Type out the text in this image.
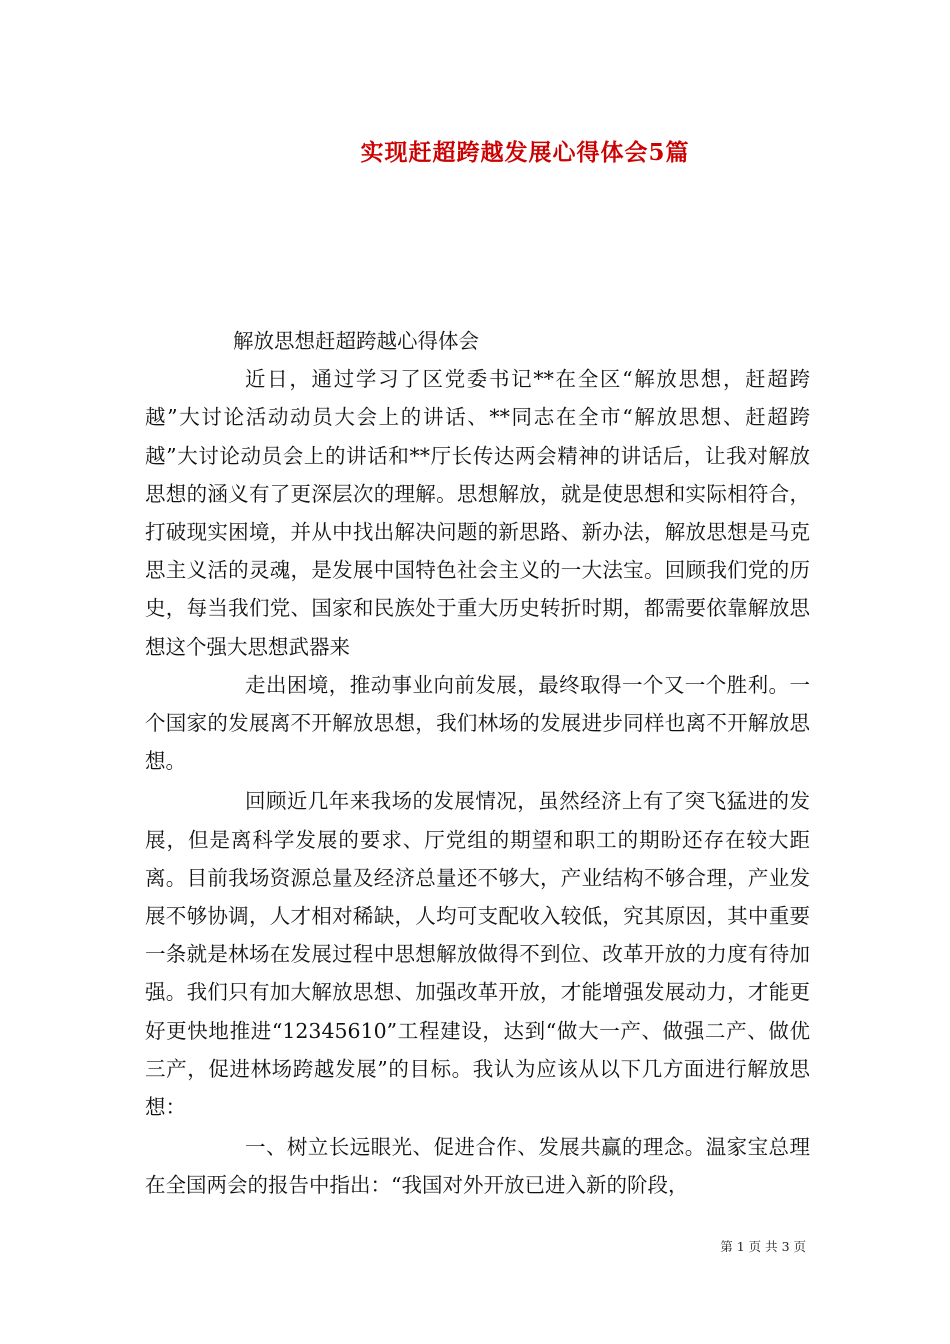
实现赶超跨越发展心得体会5篇

解放思想赶超跨越心得体会

近日，通过学习了区党委书记**在全区“解放思想，赶超跨越”大讨论活动动员大会上的讲话、**同志在全市“解放思想、赶超跨越”大讨论动员会上的讲话和**厅长传达两会精神的讲话后，让我对解放思想的涵义有了更深层次的理解。思想解放，就是使思想和实际相符合，打破现实困境，并从中找出解决问题的新思路、新办法，解放思想是马克思主义活的灵魂，是发展中国特色社会主义的一大法宝。回顾我们党的历史，每当我们党、国家和民族处于重大历史转折时期，都需要依靠解放思想这个强大思想武器来

走出困境，推动事业向前发展，最终取得一个又一个胜利。一个国家的发展离不开解放思想，我们林场的发展进步同样也离不开解放思想。

回顾近几年来我场的发展情况，虽然经济上有了突飞猛进的发展，但是离科学发展的要求、厅党组的期望和职工的期盼还存在较大距离。目前我场资源总量及经济总量还不够大，产业结构不够合理，产业发展不够协调，人才相对稀缺，人均可支配收入较低，究其原因，其中重要一条就是林场在发展过程中思想解放做得不到位、改革开放的力度有待加强。我们只有加大解放思想、加强改革开放，才能增强发展动力，才能更好更快地推进“12345610”工程建设，达到“做大一产、做强二产、做优三产，促进林场跨越发展”的目标。我认为应该从以下几方面进行解放思想：

一、树立长远眼光、促进合作、发展共赢的理念。温家宝总理在全国两会的报告中指出：“我国对外开放已进入新的阶段，

第 1 页 共 3 页
